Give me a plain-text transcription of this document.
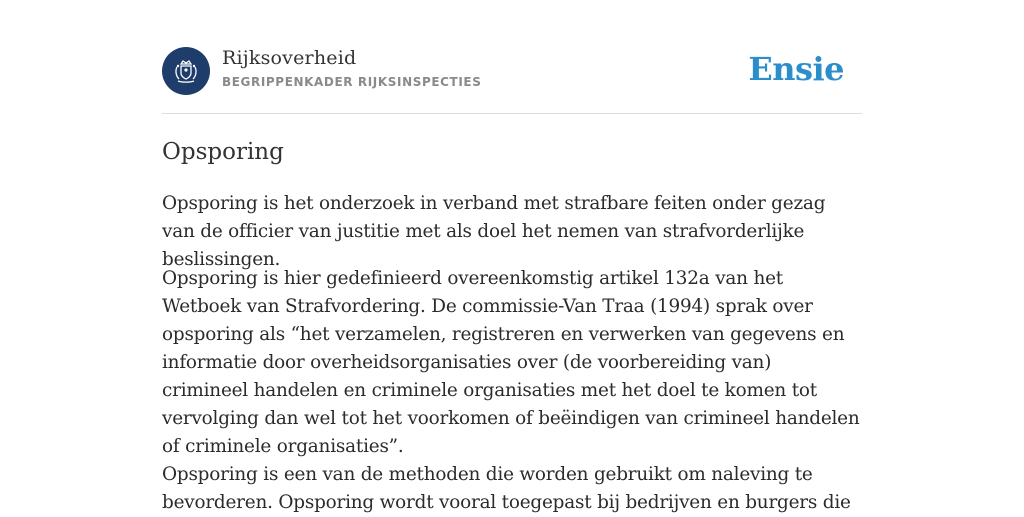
Rijksoverheid
BEGRIPPENKADER RIJKSINSPECTIES	Ensie
Opsporing

Opsporing is het onderzoek in verband met strafbare feiten onder gezag van de officier van justitie met als doel het nemen van strafvorderlijke beslissingen.

Opsporing is hier gedefinieerd overeenkomstig artikel 132a van het Wetboek van Strafvordering. De commissie-Van Traa (1994) sprak over opsporing als “het verzamelen, registreren en verwerken van gegevens en informatie door overheidsorganisaties over (de voorbereiding van) crimineel handelen en criminele organisaties met het doel te komen tot vervolging dan wel tot het voorkomen of beëindigen van crimineel handelen of criminele organisaties”.

Opsporing is een van de methoden die worden gebruikt om naleving te bevorderen. Opsporing wordt vooral toegepast bij bedrijven en burgers die
